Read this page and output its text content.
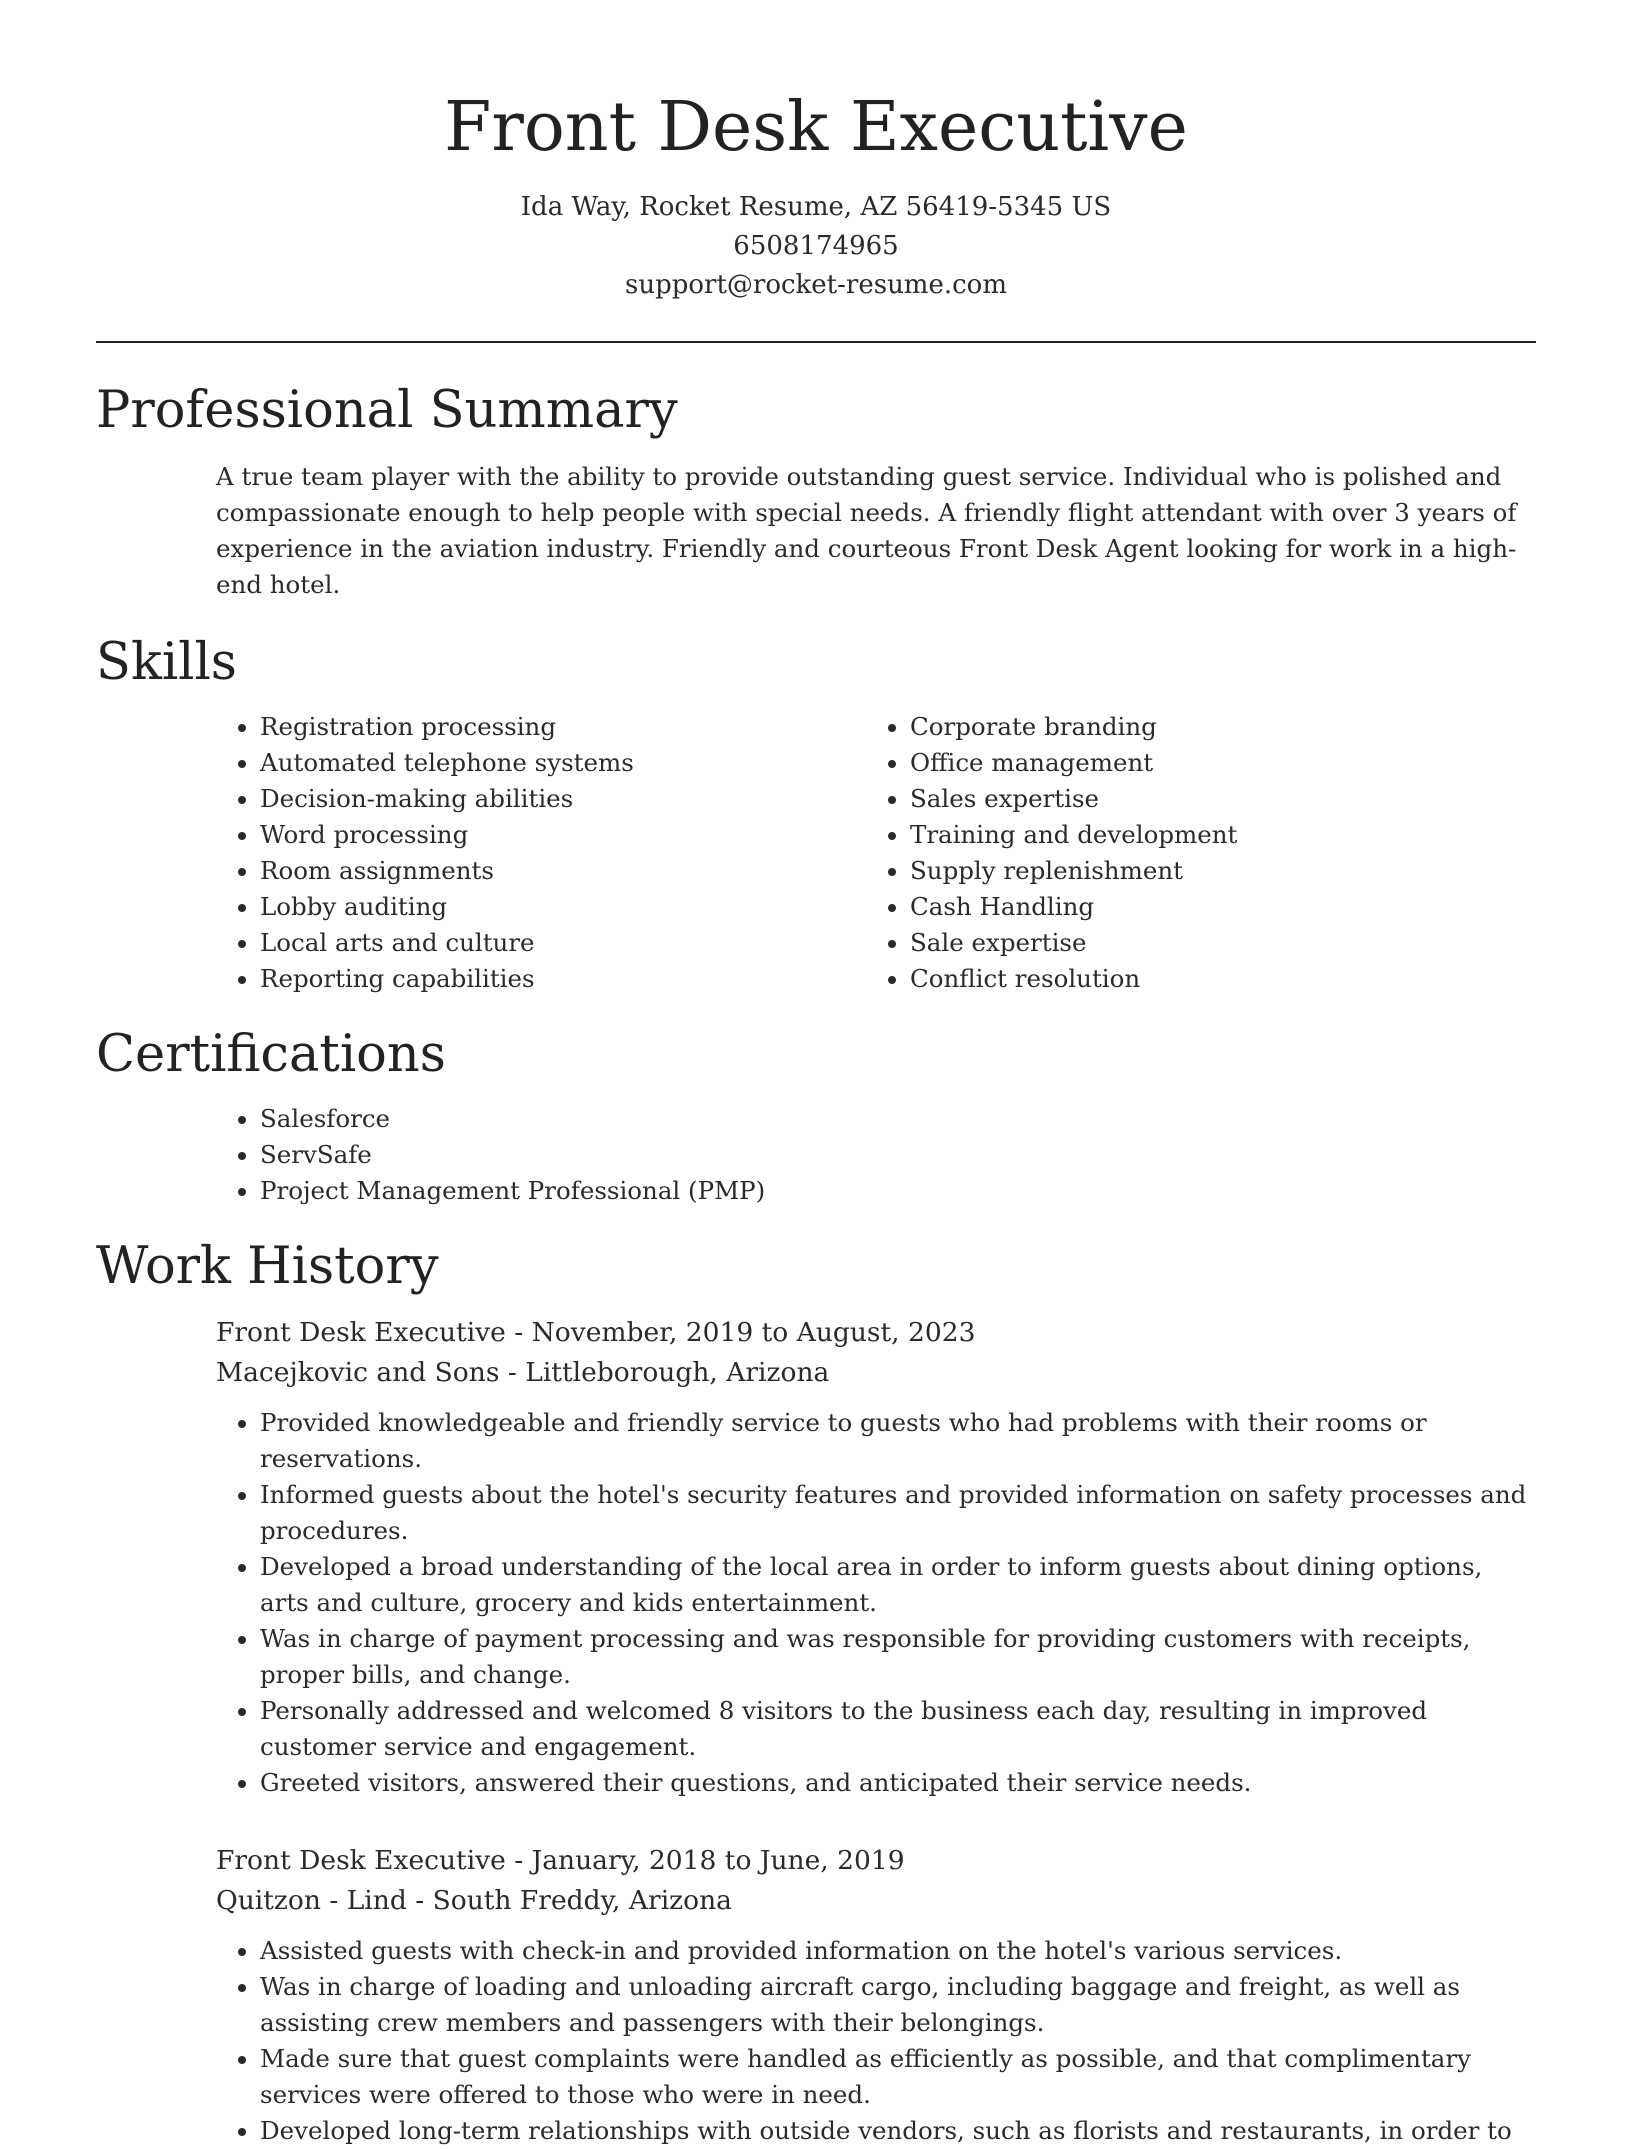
Front Desk Executive
Ida Way, Rocket Resume, AZ 56419-5345 US
6508174965
support@rocket-resume.com
Professional Summary

A true team player with the ability to provide outstanding guest service. Individual who is polished and compassionate enough to help people with special needs. A friendly flight attendant with over 3 years of experience in the aviation industry. Friendly and courteous Front Desk Agent looking for work in a high-end hotel.

Skills
• Registration processing
• Automated telephone systems
• Decision-making abilities
• Word processing
• Room assignments
• Lobby auditing
• Local arts and culture
• Reporting capabilities
• Corporate branding
• Office management
• Sales expertise
• Training and development
• Supply replenishment
• Cash Handling
• Sale expertise
• Conflict resolution
Certifications
• Salesforce
• ServSafe
• Project Management Professional (PMP)
Work History
Front Desk Executive - November, 2019 to August, 2023
Macejkovic and Sons - Littleborough, Arizona
• Provided knowledgeable and friendly service to guests who had problems with their rooms or reservations.
• Informed guests about the hotel's security features and provided information on safety processes and procedures.
• Developed a broad understanding of the local area in order to inform guests about dining options, arts and culture, grocery and kids entertainment.
• Was in charge of payment processing and was responsible for providing customers with receipts, proper bills, and change.
• Personally addressed and welcomed 8 visitors to the business each day, resulting in improved customer service and engagement.
• Greeted visitors, answered their questions, and anticipated their service needs.
Front Desk Executive - January, 2018 to June, 2019
Quitzon - Lind - South Freddy, Arizona
• Assisted guests with check-in and provided information on the hotel's various services.
• Was in charge of loading and unloading aircraft cargo, including baggage and freight, as well as assisting crew members and passengers with their belongings.
• Made sure that guest complaints were handled as efficiently as possible, and that complimentary services were offered to those who were in need.
• Developed long-term relationships with outside vendors, such as florists and restaurants, in order to
